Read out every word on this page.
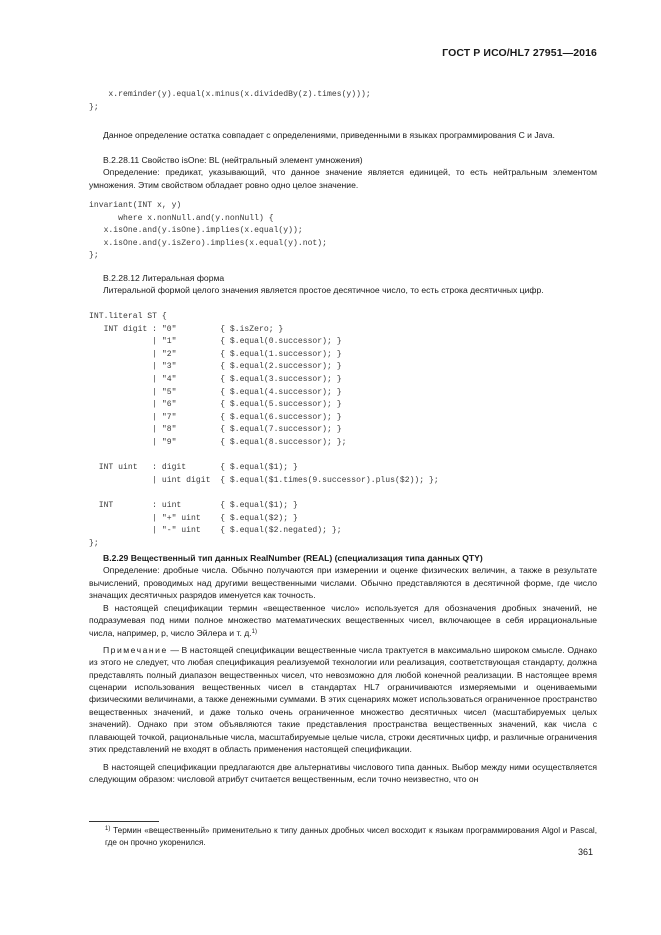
ГОСТ Р ИСО/HL7 27951—2016
x.reminder(y).equal(x.minus(x.dividedBy(z).times(y)));
};
Данное определение остатка совпадает с определениями, приведенными в языках программирования С и Java.

B.2.28.11 Свойство isOne: BL (нейтральный элемент умножения)

Определение: предикат, указывающий, что данное значение является единицей, то есть нейтральным элементом умножения. Этим свойством обладает ровно одно целое значение.

invariant(INT x, y)
where x.nonNull.and(y.nonNull) {
x.isOne.and(y.isOne).implies(x.equal(y));
x.isOne.and(y.isZero).implies(x.equal(y).not);
};

B.2.28.12 Литеральная форма

Литеральной формой целого значения является простое десятичное число, то есть строка десятичных цифр.

INT.literal ST {
INT digit : "0"         { $.isZero; }
| "1"         { $.equal(0.successor); }
| "2"         { $.equal(1.successor); }
| "3"         { $.equal(2.successor); }
| "4"         { $.equal(3.successor); }
| "5"         { $.equal(4.successor); }
| "6"         { $.equal(5.successor); }
| "7"         { $.equal(6.successor); }
| "8"         { $.equal(7.successor); }
| "9"         { $.equal(8.successor); };

INT uint   : digit       { $.equal($1); }
| uint digit  { $.equal($1.times(9.successor).plus($2)); };

INT        : uint        { $.equal($1); }
| "+" uint    { $.equal($2); }
| "-" uint    { $.equal($2.negated); };
};

B.2.29 Вещественный тип данных RealNumber (REAL) (специализация типа данных QTY)

Определение: дробные числа. Обычно получаются при измерении и оценке физических величин, а также в результате вычислений, проводимых над другими вещественными числами. Обычно представляются в десятичной форме, где число значащих десятичных разрядов именуется как точность.

В настоящей спецификации термин «вещественное число» используется для обозначения дробных значений, не подразумевая под ними полное множество математических вещественных чисел, включающее в себя иррациональные числа, например, р, число Эйлера и т. д.$^{1)}$

Примечание — В настоящей спецификации вещественные числа трактуется в максимально широком смысле. Однако из этого не следует, что любая спецификация реализуемой технологии или реализация, соответствующая стандарту, должна представлять полный диапазон вещественных чисел, что невозможно для любой конечной реализации. В настоящее время сценарии использования вещественных чисел в стандартах HL7 ограничиваются измеряемыми и оцениваемыми физическими величинами, а также денежными суммами. В этих сценариях может использоваться ограниченное пространство вещественных значений, и даже только очень ограниченное множество десятичных чисел (масштабируемых целых значений). Однако при этом объявляются такие представления пространства вещественных значений, как числа с плавающей точкой, рациональные числа, масштабируемые целые числа, строки десятичных цифр, и различные ограничения этих представлений не входят в область применения настоящей спецификации.

В настоящей спецификации предлагаются две альтернативы числового типа данных. Выбор между ними осуществляется следующим образом: числовой атрибут считается вещественным, если точно неизвестно, что он

$^{1)}$ Термин «вещественный» применительно к типу данных дробных чисел восходит к языкам программирования Algol и Pascal, где он прочно укоренился.
361
